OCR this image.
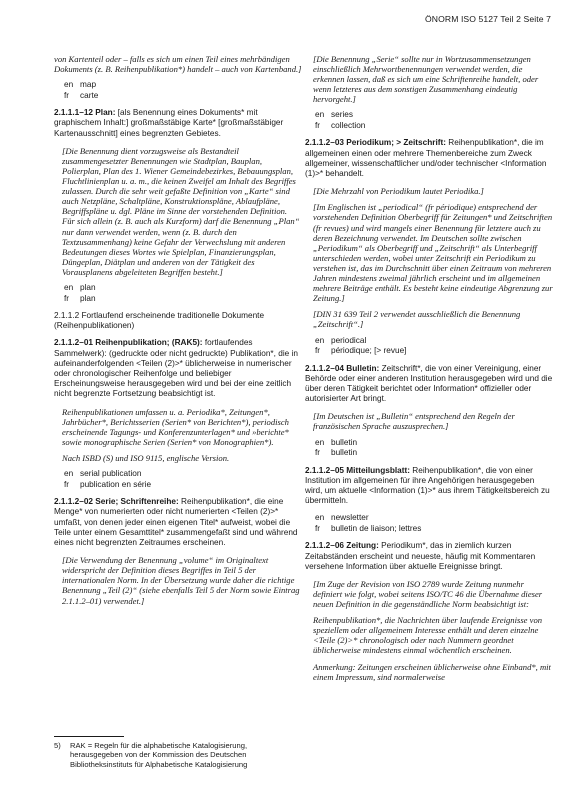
ÖNORM ISO 5127 Teil 2 Seite 7

von Kartenteil oder – falls es sich um einen Teil eines mehrbändigen Dokuments (z. B. Reihenpublikation*) handelt – auch von Kartenband.]

en map
fr carte

2.1.1.1–12 Plan: [als Benennung eines Dokuments* mit graphischem Inhalt:] großmaßstäbige Karte* [großmaßstäbiger Kartenausschnitt] eines begrenzten Gebietes.

[Die Benennung dient vorzugsweise als Bestandteil zusammengesetzter Benennungen wie Stadtplan, Bauplan, Polierplan, Plan des 1. Wiener Gemeindebezirkes, Bebauungsplan, Fluchtlinienplan u. a. m., die keinen Zweifel am Inhalt des Begriffes zulassen. Durch die sehr weit gefaßte Definition von „Karte“ sind auch Netzpläne, Schaltpläne, Konstruktionspläne, Ablaufpläne, Begriffspläne u. dgl. Pläne im Sinne der vorstehenden Definition. Für sich allein (z. B. auch als Kurzform) darf die Benennung „Plan“ nur dann verwendet werden, wenn (z. B. durch den Textzusammenhang) keine Gefahr der Verwechslung mit anderen Bedeutungen dieses Wortes wie Spielplan, Finanzierungsplan, Düngeplan, Diätplan und anderen von der Tätigkeit des Vorausplanens abgeleiteten Begriffen besteht.]

en plan
fr plan

2.1.1.2 Fortlaufend erscheinende traditionelle Dokumente (Reihenpublikationen)

2.1.1.2–01 Reihenpublikation; (RAK5): fortlaufendes Sammelwerk): (gedruckte oder nicht gedruckte) Publikation*, die in aufeinanderfolgenden <Teilen (2)>* üblicherweise in numerischer oder chronologischer Reihenfolge und beliebiger Erscheinungsweise herausgegeben wird und bei der eine zeitlich nicht begrenzte Fortsetzung beabsichtigt ist.

Reihenpublikationen umfassen u. a. Periodika*, Zeitungen*, Jahrbücher*, Berichtsserien (Serien* von Berichten*), periodisch erscheinende Tagungs- und Konferenzunterlagen* und »berichte* sowie monographische Serien (Serien* von Monographien*).

Nach ISBD (S) und ISO 9115, englische Version.

en serial publication
fr publication en série

2.1.1.2–02 Serie; Schriftenreihe: Reihenpublikation*, die eine Menge* von numerierten oder nicht numerierten <Teilen (2)>* umfaßt, von denen jeder einen eigenen Titel* aufweist, wobei die Teile unter einem Gesamttitel* zusammengefaßt sind und während eines nicht begrenzten Zeitraumes erscheinen.

[Die Verwendung der Benennung „volume“ im Originaltext widerspricht der Definition dieses Begriffes in Teil 5 der internationalen Norm. In der Übersetzung wurde daher die richtige Benennung „Teil (2)“ (siehe ebenfalls Teil 5 der Norm sowie Eintrag 2.1.1.2–01) verwendet.]

5) RAK = Regeln für die alphabetische Katalogisierung, herausgegeben von der Kommission des Deutschen Bibliotheksinstituts für Alphabetische Katalogisierung

[Die Benennung „Serie“ sollte nur in Wortzusammensetzungen einschließlich Mehrwortbenennungen verwendet werden, die erkennen lassen, daß es sich um eine Schriftenreihe handelt, oder wenn letzteres aus dem sonstigen Zusammenhang eindeutig hervorgeht.]

en series
fr collection

2.1.1.2–03 Periodikum; > Zeitschrift: Reihenpublikation*, die im allgemeinen einen oder mehrere Themenbereiche zum Zweck allgemeiner, wissenschaftlicher und/oder technischer <Information (1)>* behandelt.

[Die Mehrzahl von Periodikum lautet Periodika.]

[Im Englischen ist „periodical“ (fr périodique) entsprechend der vorstehenden Definition Oberbegriff für Zeitungen* und Zeitschriften (fr revues) und wird mangels einer Benennung für letztere auch zu deren Bezeichnung verwendet. Im Deutschen sollte zwischen „Periodikum“ als Oberbegriff und „Zeitschrift“ als Unterbegriff unterschieden werden, wobei unter Zeitschrift ein Periodikum zu verstehen ist, das im Durchschnitt über einen Zeitraum von mehreren Jahren mindestens zweimal jährlich erscheint und im allgemeinen mehrere Beiträge enthält. Es besteht keine eindeutige Abgrenzung zur Zeitung.]

[DIN 31 639 Teil 2 verwendet ausschließlich die Benennung „Zeitschrift“.]

en periodical
fr périodique; [> revue]

2.1.1.2–04 Bulletin: Zeitschrift*, die von einer Vereinigung, einer Behörde oder einer anderen Institution herausgegeben wird und die über deren Tätigkeit berichtet oder Information* offizieller oder autorisierter Art bringt.

[Im Deutschen ist „Bulletin“ entsprechend den Regeln der französischen Sprache auszusprechen.]

en bulletin
fr bulletin

2.1.1.2–05 Mitteilungsblatt: Reihenpublikation*, die von einer Institution im allgemeinen für ihre Angehörigen herausgegeben wird, um aktuelle <Information (1)>* aus ihrem Tätigkeitsbereich zu übermitteln.

en newsletter
fr bulletin de liaison; lettres

2.1.1.2–06 Zeitung: Periodikum*, das in ziemlich kurzen Zeitabständen erscheint und neueste, häufig mit Kommentaren versehene Information über aktuelle Ereignisse bringt.

[Im Zuge der Revision von ISO 2789 wurde Zeitung nunmehr definiert wie folgt, wobei seitens ISO/TC 46 die Übernahme dieser neuen Definition in die gegenständliche Norm beabsichtigt ist:

Reihenpublikation*, die Nachrichten über laufende Ereignisse von speziellem oder allgemeinem Interesse enthält und deren einzelne <Teile (2)>* chronologisch oder nach Nummern geordnet üblicherweise mindestens einmal wöchentlich erscheinen.

Anmerkung: Zeitungen erscheinen üblicherweise ohne Einband*, mit einem Impressum, sind normalerweise
